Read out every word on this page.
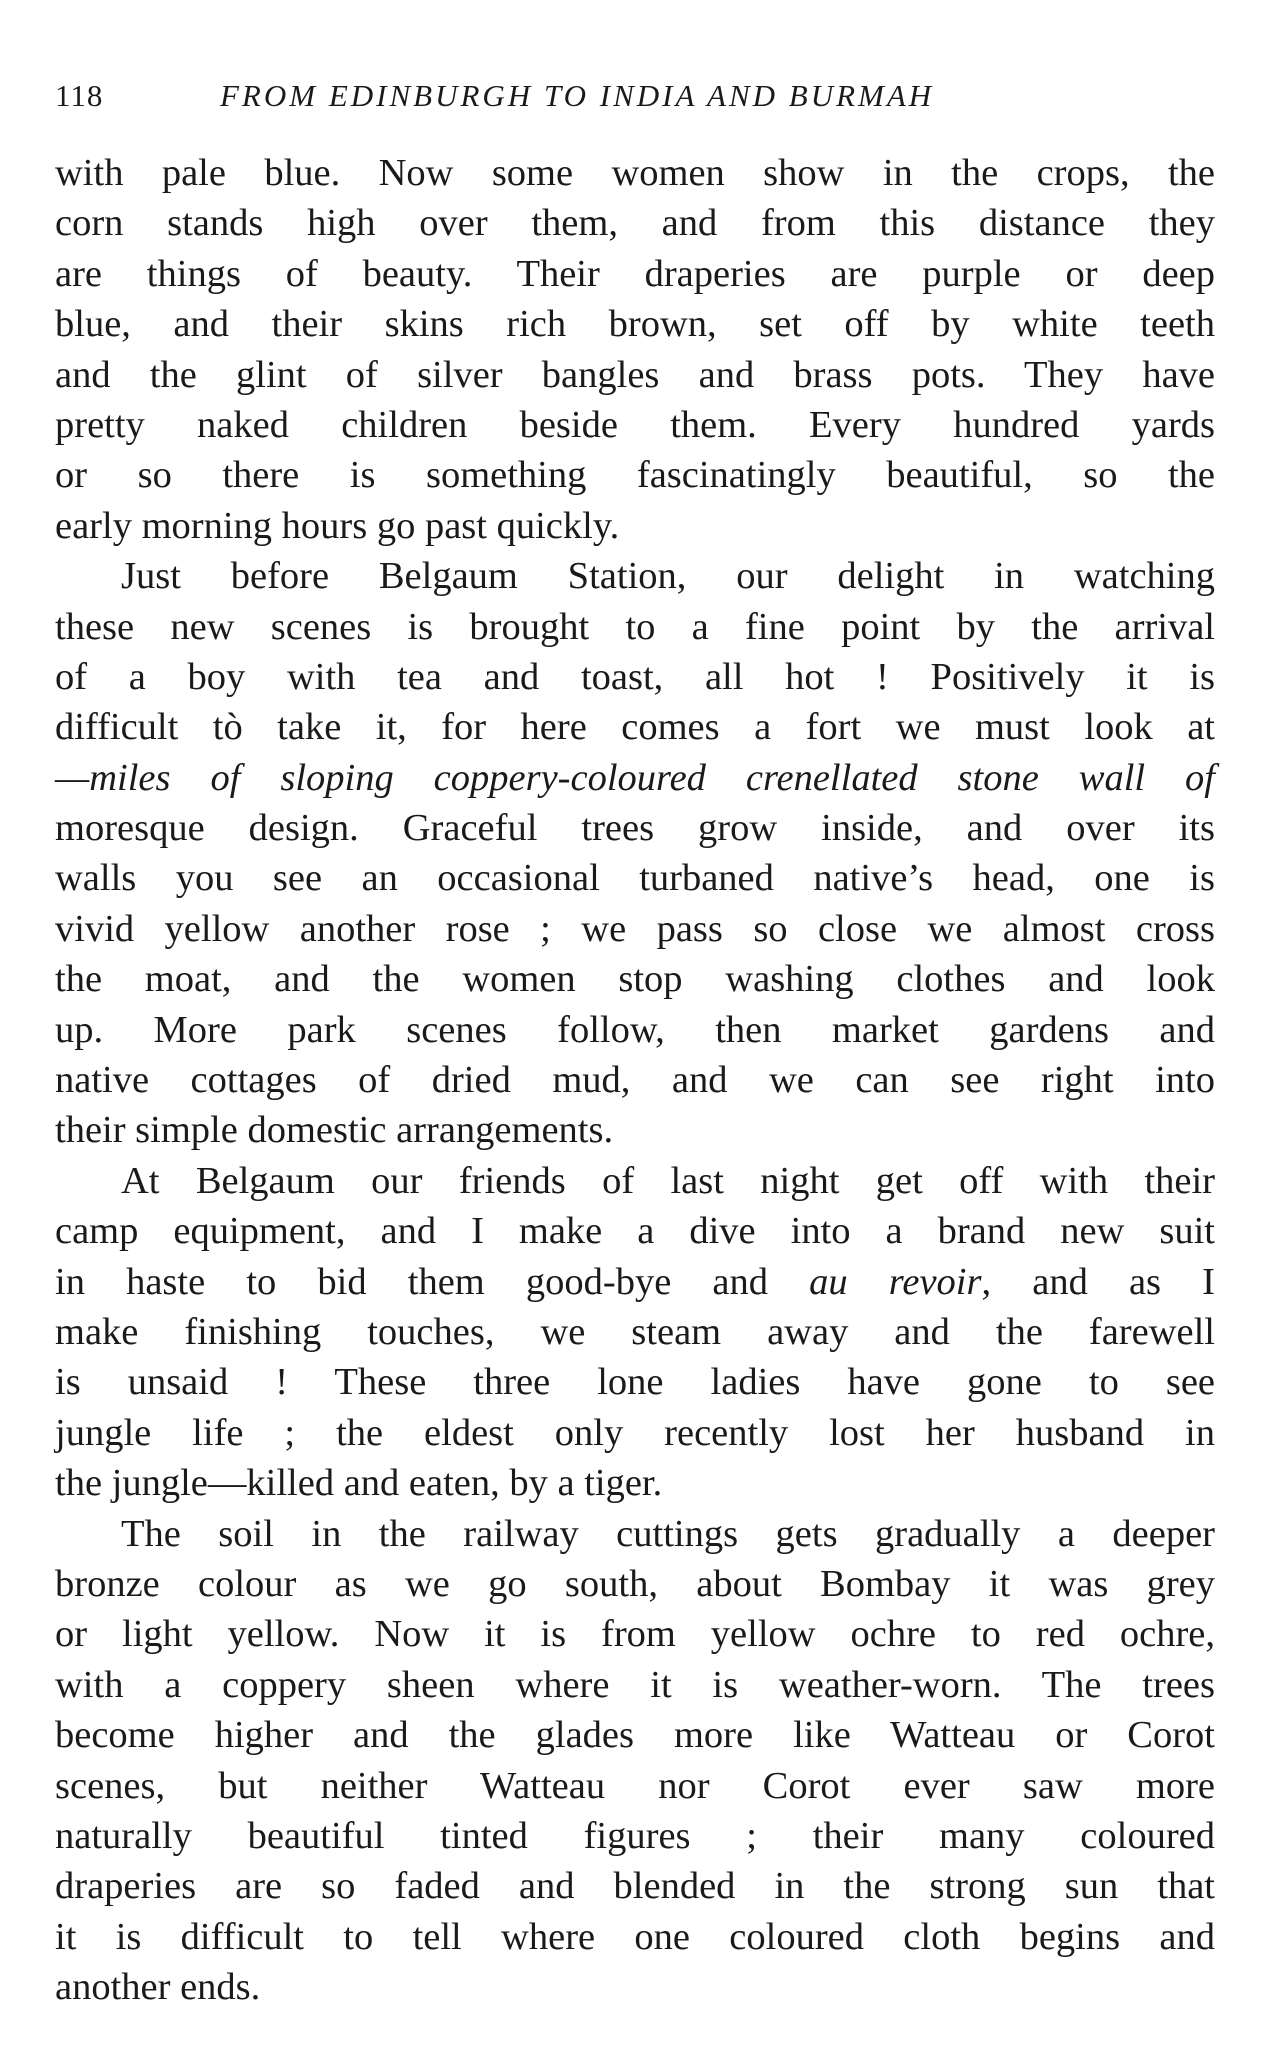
118	FROM EDINBURGH TO INDIA AND BURMAH
with pale blue. Now some women show in the crops, the
corn stands high over them, and from this distance they
are things of beauty. Their draperies are purple or deep
blue, and their skins rich brown, set off by white teeth
and the glint of silver bangles and brass pots. They have
pretty naked children beside them. Every hundred yards
or so there is something fascinatingly beautiful, so the
early morning hours go past quickly.
Just before Belgaum Station, our delight in watching
these new scenes is brought to a fine point by the arrival
of a boy with tea and toast, all hot ! Positively it is
difficult tò take it, for here comes a fort we must look at
—miles of sloping coppery-coloured crenellated stone wall of
moresque design. Graceful trees grow inside, and over its
walls you see an occasional turbaned native’s head, one is
vivid yellow another rose ; we pass so close we almost cross
the moat, and the women stop washing clothes and look
up. More park scenes follow, then market gardens and
native cottages of dried mud, and we can see right into
their simple domestic arrangements.
At Belgaum our friends of last night get off with their
camp equipment, and I make a dive into a brand new suit
in haste to bid them good-bye and au revoir, and as I
make finishing touches, we steam away and the farewell
is unsaid ! These three lone ladies have gone to see
jungle life ; the eldest only recently lost her husband in
the jungle—killed and eaten, by a tiger.
The soil in the railway cuttings gets gradually a deeper
bronze colour as we go south, about Bombay it was grey
or light yellow. Now it is from yellow ochre to red ochre,
with a coppery sheen where it is weather-worn. The trees
become higher and the glades more like Watteau or Corot
scenes, but neither Watteau nor Corot ever saw more
naturally beautiful tinted figures ; their many coloured
draperies are so faded and blended in the strong sun that
it is difficult to tell where one coloured cloth begins and
another ends.
